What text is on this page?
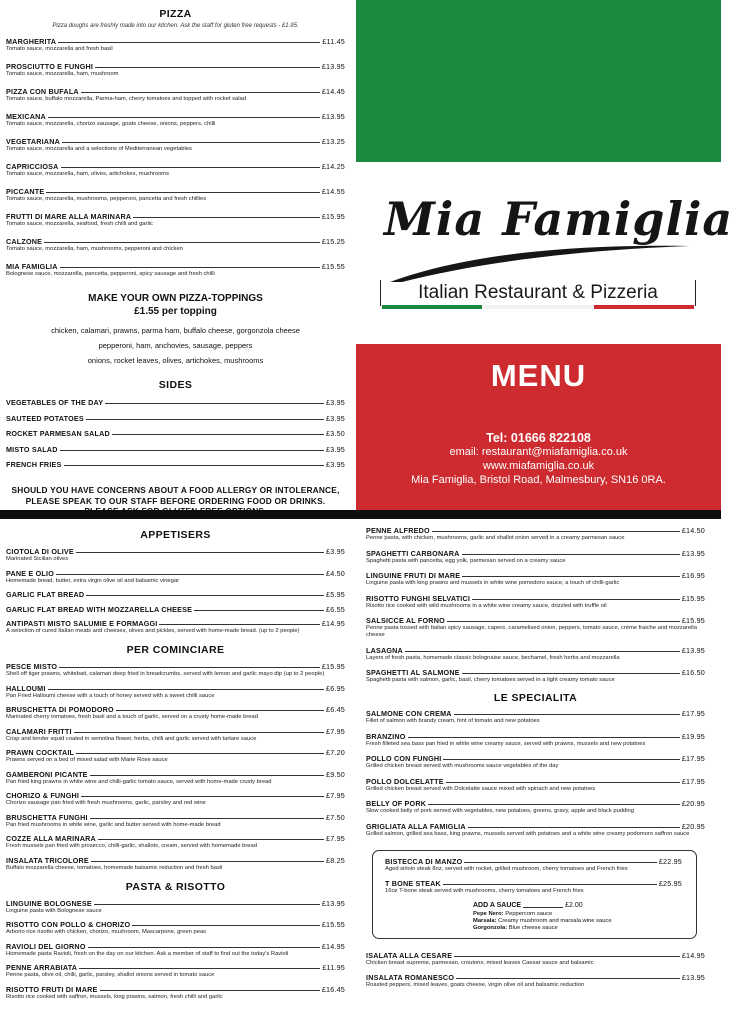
PIZZA
Pizza doughs are freshly made into our kitchen. Ask the staff for gluten free requests - £1.95.
MARGHERITA	£11.45
Tomato sauce, mozzarella and fresh basil
PROSCIUTTO E FUNGHI	£13.95
Tomato sauce, mozzarella, ham, mushroom
PIZZA CON BUFALA	£14.45
Tomato sauce, buffalo mozzarella, Parma-ham, cherry tomatoes and topped with rocket salad
MEXICANA	£13.95
Tomato sauce, mozzarella, chorizo sausage, goats cheese, onions, peppers, chilli
VEGETARIANA	£13.25
Tomato sauce, mozzarella and a selections of Mediterranean vegetables
CAPRICCIOSA	£14.25
Tomato sauce, mozzarella, ham, olives, artichokes, mushrooms
PICCANTE	£14.55
Tomato sauce, mozzarella, mushrooms, pepperoni, pancetta and fresh chillies
FRUTTI DI MARE ALLA MARINARA	£15.95
Tomato sauce, mozzarella, seafood, fresh chilli and garlic
CALZONE	£15.25
Tomato sauce, mozzarella, ham, mushrooms, pepperoni and chicken
MIA FAMIGLIA	£15.55
Bolognese sauce, mozzarella, pancetta, pepperoni, spicy sausage and fresh chilli
MAKE YOUR OWN PIZZA-TOPPINGS
£1.55 per topping
chicken, calamari, prawns, parma ham, buffalo cheese, gorgonzola cheese
pepperoni, ham, anchovies, sausage, peppers
onions, rocket leaves, olives, artichokes, mushrooms
SIDES
VEGETABLES OF THE DAY	£3.95
SAUTEED POTATOES	£3.95
ROCKET PARMESAN SALAD	£3.50
MISTO SALAD	£3.95
FRENCH FRIES	£3.95
SHOULD YOU HAVE CONCERNS ABOUT A FOOD ALLERGY OR INTOLERANCE,
PLEASE SPEAK TO OUR STAFF BEFORE ORDERING FOOD OR DRINKS.
Mia Famiglia
Italian Restaurant & Pizzeria
MENU
Tel: 01666 822108
email: restaurant@miafamiglia.co.uk
www.miafamiglia.co.uk
Mia Famiglia, Bristol Road, Malmesbury, SN16 0RA.
APPETISERS
CIOTOLA DI OLIVE	£3.95
Marinated Sicilian olives
PANE E OLIO	£4.50
Homemade bread, butter, extra virgin olive oil and balsamic vinegar
GARLIC FLAT BREAD	£5.95
GARLIC FLAT BREAD WITH MOZZARELLA CHEESE	£6.55
ANTIPASTI MISTO SALUMIE E FORMAGGI	£14.95
A selection of cured Italian meats and cheeses, olives and pickles, served with home-made bread. (up to 2 people)
PER COMINCIARE
PESCE MISTO	£15.95
Shell off tiger prawns, whitebait, calamari deep fried in breadcrumbs, served with lemon and garlic mayo dip (up to 2 people)
HALLOUMI	£6.95
Pan Fried Halloumi cheese with a touch of honey served with a sweet chilli sauce
BRUSCHETTA DI POMODORO	£6.45
Marinated cherry tomatoes, fresh basil and a touch of garlic, served on a crusty home-made bread
CALAMARI FRITTI	£7.95
Crisp and tender squid coated in semolina flower, herbs, chilli and garlic served with tartare sauce
PRAWN COCKTAIL	£7.20
Prawns served on a bed of mixed salad with Marie Rose sauce
GAMBERONI PICANTE	£9.50
Pan fried king prawns in white wine and chilli-garlic tomato sauce, served with home-made crusty bread
CHORIZO & FUNGHI	£7.95
Chorizo sausage pan fried with fresh mushrooms, garlic, parsley and red wine
BRUSCHETTA FUNGHI	£7.50
Pan fried mushrooms in white wine, garlic and butter served with home-made bread
COZZE ALLA MARINARA	£7.95
Fresh mussels pan fried with prosecco, chilli-garlic, shallots, cream, served with homemade bread
INSALATA TRICOLORE	£8.25
Buffalo mozzarella cheese, tomatoes, homemade balsamic reduction and fresh basil
PASTA & RISOTTO
LINGUINE BOLOGNESE	£13.95
Linguine pasta with Bolognese sauce
RISOTTO CON POLLO & CHORIZO	£15.55
Arborio rice risotto with chicken, chorizo, mushroom, Mascarpone, green peas
RAVIOLI DEL GIORNO	£14.95
Homemade pasta Ravioli, fresh on the day on our kitchen. Ask a member of staff to find out the today's Ravioli
PENNE ARRABIATA	£11.95
Penne pasta, olive oil, chilli, garlic, parsley, shallot onions served in tomato sauce
RISOTTO FRUTI DI MARE	£16.45
Risotto rice cooked with saffron, mussels, king prawns, salmon, fresh chilli and garlic
PENNE ALFREDO	£14.50
Penne pasta, with chicken, mushrooms, garlic and shallot onion served in a creamy parmesan sauce
SPAGHETTI CARBONARA	£13.95
Spaghetti pasta with pancetta, egg yolk, parmesan served on a creamy sauce
LINGUINE FRUTI DI MARE	£16.95
Linguine pasta with king prawns and mussels in white wine pomodoro sauce, a touch of chilli-garlic
RISOTTO FUNGHI SELVATICI	£15.95
Risotto rice cooked with wild mushrooms in a white wine creamy sauce, drizzled with truffle oil
SALSICCE AL FORNO	£15.95
Penne pasta tossed with Italian spicy sausage, capers, caramelised onion, peppers, tomato sauce, crème fraiche and mozzarella cheese
LASAGNA	£13.95
Layers of fresh pasta, homemade classic bolognaise sauce, bechamel, fresh herbs and mozzarella
SPAGHETTI AL SALMONE	£16.50
Spaghetti pasta with salmon, garlic, basil, cherry tomatoes served in a light creamy tomato sauce
LE SPECIALITA
SALMONE CON CREMA	£17.95
Fillet of salmon with brandy cream, hint of tomato and new potatoes
BRANZINO	£19.95
Fresh filleted sea bass pan fried in white wine creamy sauce, served with prawns, mussels and new potatoes
POLLO CON FUNGHI	£17.95
Grilled chicken breast served with mushrooms sauce vegetables of the day
POLLO DOLCELATTE	£17.95
Grilled chicken breast served with Dolcelatte sauce mixed with spinach and new potatoes
BELLY OF PORK	£20.95
Slow cooked belly of pork served with vegetables, new potatoes, greens, gravy, apple and black pudding
GRIGLIATA ALLA FAMIGLIA	£20.95
Grilled salmon, grilled sea bass, king prawns, mussels served with potatoes and a white wine creamy podomoro saffron sauce
BISTECCA DI MANZO	£22.95
Aged sirloin steak 8oz, served with rocket, grilled mushroom, cherry tomatoes and French fries
T BONE STEAK	£25.95
16oz T-bone steak served with mushrooms, cherry tomatoes and French fries
ADD A SAUCE	£2.00
Pepe Nero: Peppercorn sauce
Marsala: Creamy mushroom and marsala wine sauce
Gorgonzola: Blue cheese sauce
ISALATA ALLA CESARE	£14.95
Chicken breast supreme, parmesan, croutons, mixed leaves Caesar sauce and balsamic
INSALATA ROMANESCO	£13.95
Roasted peppers, mixed leaves, goats cheese, virgin olive oil and balsamic reduction
